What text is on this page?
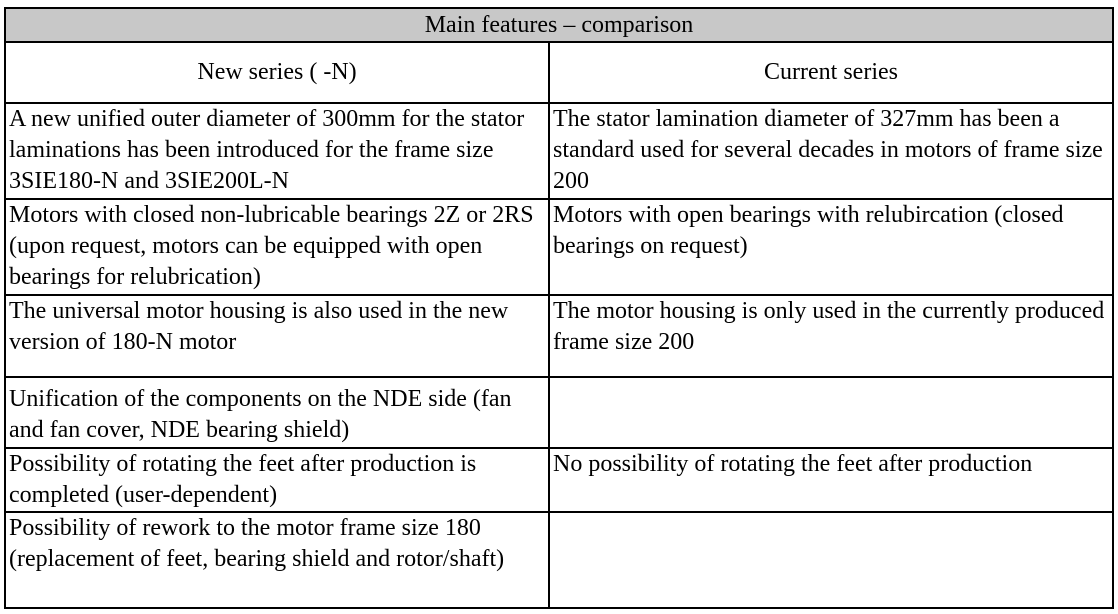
Main features – comparison	
New series ( -N)	Current series
A new unified outer diameter of 300mm for the stator laminations has been introduced for the frame size 3SIE180-N and 3SIE200L-N	The stator lamination diameter of 327mm has been a standard used for several decades in motors of frame size 200
Motors with closed non-lubricable bearings 2Z or 2RS (upon request, motors can be equipped with open bearings for relubrication)	Motors with open bearings with relubircation (closed bearings on request)
The universal motor housing is also used in the new version of 180-N motor	The motor housing is only used in the currently produced frame size 200
Unification of the components on the NDE side (fan and fan cover, NDE bearing shield)	
Possibility of rotating the feet after production is completed (user-dependent)	No possibility of rotating the feet after production
Possibility of rework to the motor frame size 180 (replacement of feet, bearing shield and rotor/shaft)	
